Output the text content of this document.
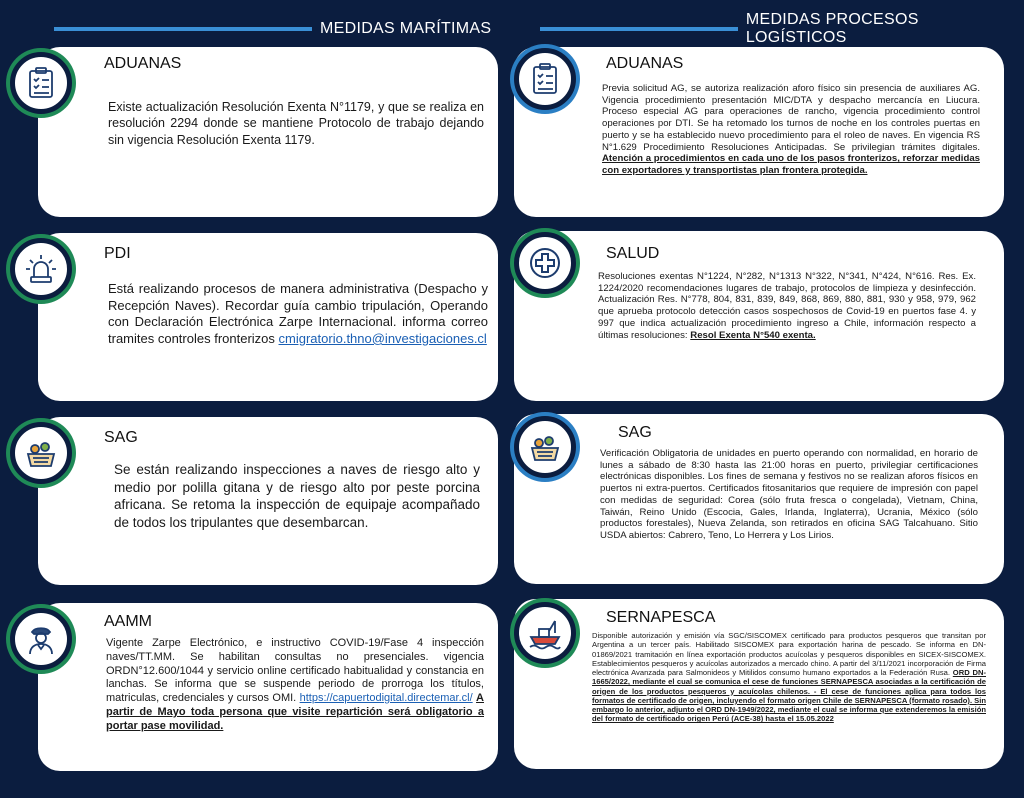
MEDIDAS MARÍTIMAS
MEDIDAS PROCESOS LOGÍSTICOS
ADUANAS
Existe actualización Resolución Exenta N°1179, y que se realiza en resolución 2294 donde se mantiene Protocolo de trabajo dejando sin vigencia Resolución Exenta 1179.
PDI
Está realizando procesos de manera administrativa (Despacho y Recepción Naves). Recordar guía cambio tripulación, Operando con Declaración Electrónica Zarpe Internacional. informa correo tramites controles fronterizos cmigratorio.thno@investigaciones.cl
SAG
Se están realizando inspecciones a naves de riesgo alto y medio por polilla gitana y de riesgo alto por peste porcina africana. Se retoma la inspección de equipaje acompañado de todos los tripulantes que desembarcan.
AAMM
Vigente Zarpe Electrónico, e instructivo COVID-19/Fase 4 inspección naves/TT.MM. Se habilitan consultas no presenciales. vigencia ORDN°12.600/1044 y servicio online certificado habitualidad y constancia en lanchas. Se informa que se suspende periodo de prorroga los títulos, matriculas, credenciales y cursos OMI. https://capuertodigital.directemar.cl/ A partir de Mayo toda persona que visite repartición será obligatorio a portar pase movilidad.
ADUANAS
Previa solicitud AG, se autoriza realización aforo físico sin presencia de auxiliares AG. Vigencia procedimiento presentación MIC/DTA y despacho mercancía en Liucura. Proceso especial AG para operaciones de rancho, vigencia procedimiento control operaciones por DTI. Se ha retomado los turnos de noche en los controles puertas en puerto y se ha establecido nuevo procedimiento para el roleo de naves. En vigencia RS N°1.629 Procedimiento Resoluciones Anticipadas. Se privilegian trámites digitales. Atención a procedimientos en cada uno de los pasos fronterizos, reforzar medidas con exportadores y transportistas plan frontera protegida.
SALUD
Resoluciones exentas N°1224, N°282, N°1313 N°322, N°341, N°424, N°616. Res. Ex. 1224/2020 recomendaciones lugares de trabajo, protocolos de limpieza y desinfección. Actualización Res. N°778, 804, 831, 839, 849, 868, 869, 880, 881, 930 y 958, 979, 962 que aprueba protocolo detección casos sospechosos de Covid-19 en puertos fase 4. y 997 que indica actualización procedimiento ingreso a Chile, información respecto a últimas resoluciones: Resol Exenta N°540 exenta.
SAG
Verificación Obligatoria de unidades en puerto operando con normalidad, en horario de lunes a sábado de 8:30 hasta las 21:00 horas en puerto, privilegiar certificaciones electrónicas disponibles. Los fines de semana y festivos no se realizan aforos físicos en puertos ni extra-puertos. Certificados fitosanitarios que requiere de impresión con papel con medidas de seguridad: Corea (sólo fruta fresca o congelada), Vietnam, China, Taiwán, Reino Unido (Escocia, Gales, Irlanda, Inglaterra), Ucrania, México (sólo productos forestales), Nueva Zelanda, son retirados en oficina SAG Talcahuano. Sitio USDA abiertos: Cabrero, Teno, Lo Herrera y Los Lirios.
SERNAPESCA
Disponible autorización y emisión vía SGC/SISCOMEX certificado para productos pesqueros que transitan por Argentina a un tercer país. Habilitado SISCOMEX para exportación harina de pescado. Se informa en DN-01869/2021 tramitación en línea exportación productos acuícolas y pesqueros disponibles en SICEX-SISCOMEX. Establecimientos pesqueros y acuícolas autorizados a mercado chino. A partir del 3/11/2021 incorporación de Firma electrónica Avanzada para Salmonideos y Mitilidos consumo humano exportados a la Federación Rusa. ORD DN-1665/2022, mediante el cual se comunica el cese de funciones SERNAPESCA asociadas a la certificación de origen de los productos pesqueros y acuícolas chilenos. - El cese de funciones aplica para todos los formatos de certificado de origen, incluyendo el formato origen Chile de SERNAPESCA (formato rosado). Sin embargo lo anterior, adjunto el ORD DN-1949/2022, mediante el cual se informa que extenderemos la emisión del formato de certificado origen Perú (ACE-38) hasta el 15.05.2022
